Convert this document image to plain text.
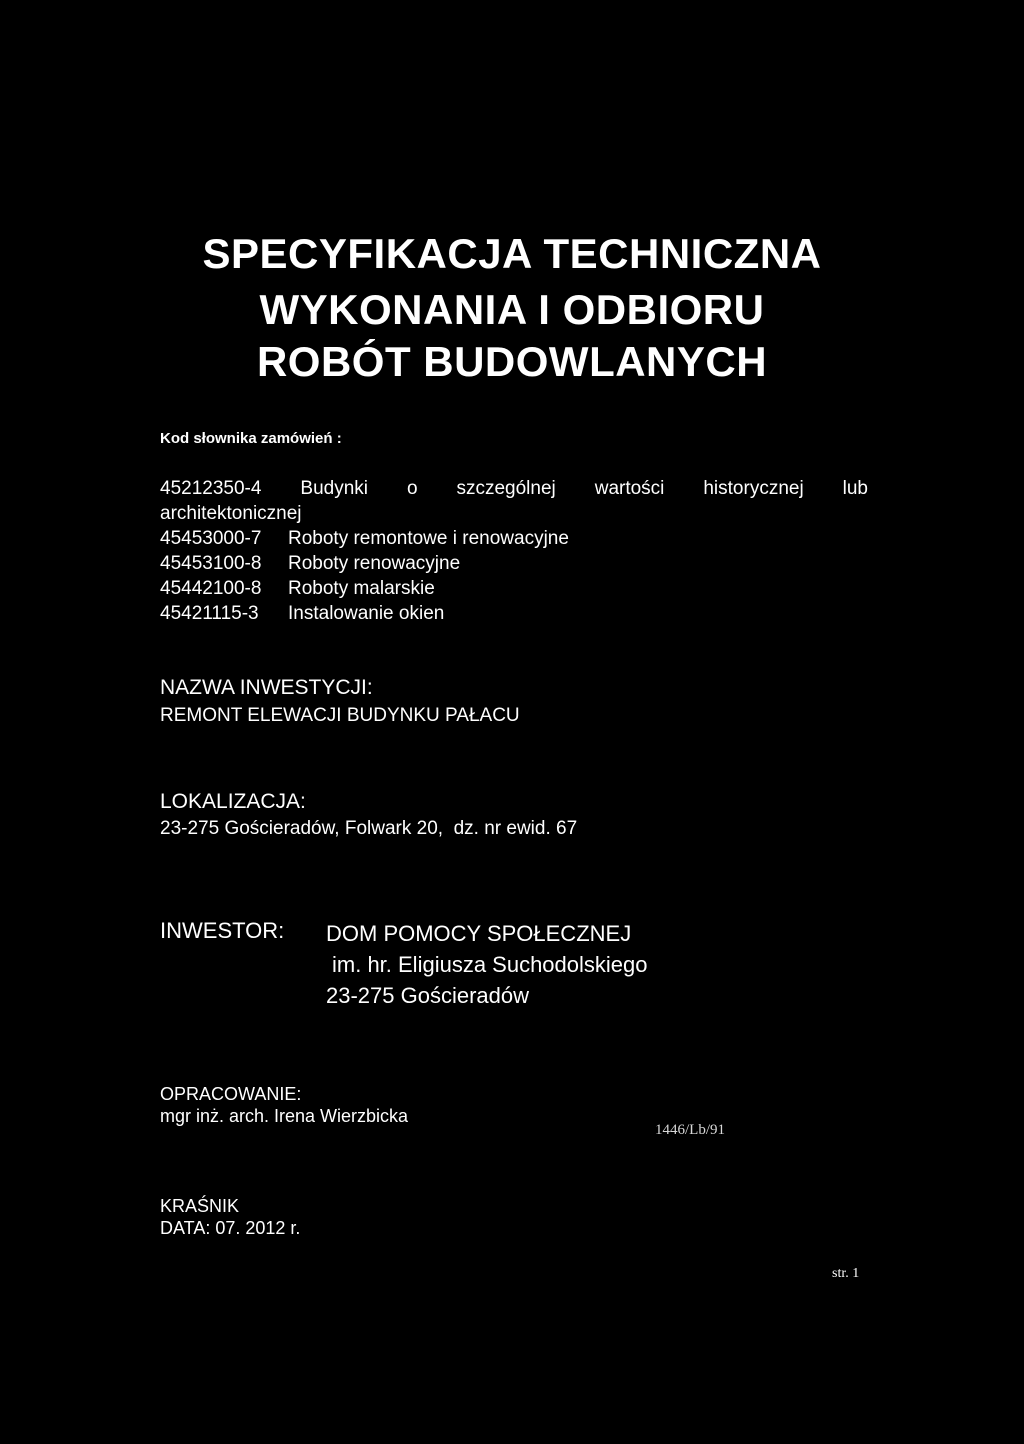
SPECYFIKACJA TECHNICZNA
WYKONANIA I ODBIORU
ROBÓT BUDOWLANYCH
Kod słownika zamówień :
45212350-4 Budynki o szczególnej wartości historycznej lub
architektonicznej
45453000-7 Roboty remontowe i renowacyjne
45453100-8 Roboty renowacyjne
45442100-8 Roboty malarskie
45421115-3 Instalowanie okien
NAZWA INWESTYCJI:
REMONT ELEWACJI BUDYNKU PAŁACU
LOKALIZACJA:
23-275 Gościeradów, Folwark 20,  dz. nr ewid. 67
INWESTOR: DOM POMOCY SPOŁECZNEJ
im. hr. Eligiusza Suchodolskiego
23-275 Gościeradów
OPRACOWANIE:
mgr inż. arch. Irena Wierzbicka
1446/Lb/91
KRAŚNIK
DATA: 07. 2012 r.
str. 1
